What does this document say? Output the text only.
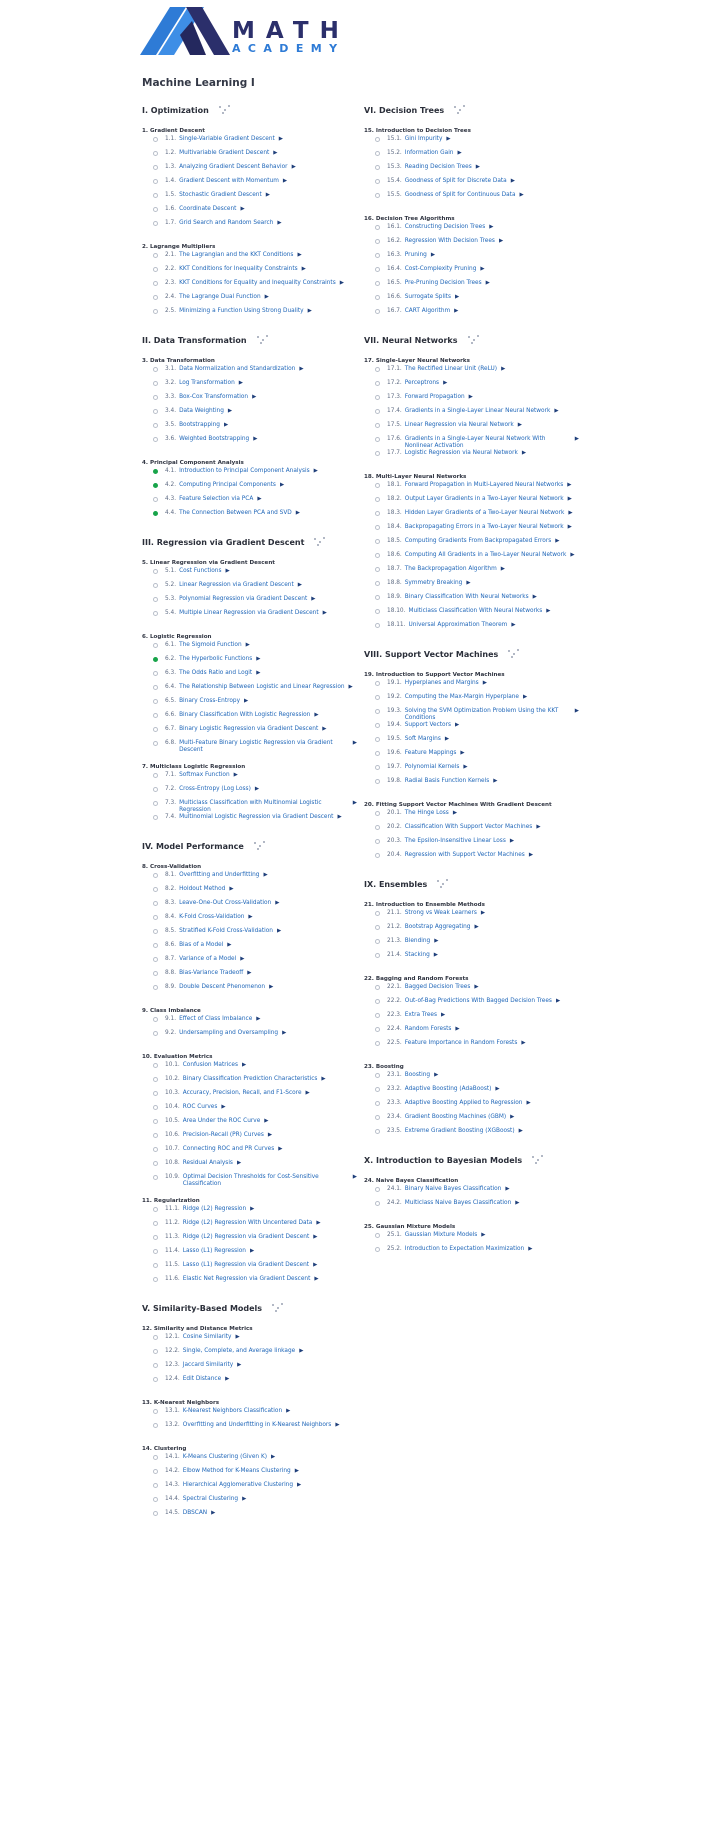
MATH
ACADEMY
Machine Learning I
I. Optimization
1. Gradient Descent
1.1. Single-Variable Gradient Descent ▶
1.2. Multivariable Gradient Descent ▶
1.3. Analyzing Gradient Descent Behavior ▶
1.4. Gradient Descent with Momentum ▶
1.5. Stochastic Gradient Descent ▶
1.6. Coordinate Descent ▶
1.7. Grid Search and Random Search ▶
2. Lagrange Multipliers
2.1. The Lagrangian and the KKT Conditions ▶
2.2. KKT Conditions for Inequality Constraints ▶
2.3. KKT Conditions for Equality and Inequality Constraints ▶
2.4. The Lagrange Dual Function ▶
2.5. Minimizing a Function Using Strong Duality ▶
II. Data Transformation
3. Data Transformation
3.1. Data Normalization and Standardization ▶
3.2. Log Transformation ▶
3.3. Box-Cox Transformation ▶
3.4. Data Weighting ▶
3.5. Bootstrapping ▶
3.6. Weighted Bootstrapping ▶
4. Principal Component Analysis
4.1. Introduction to Principal Component Analysis ▶
4.2. Computing Principal Components ▶
4.3. Feature Selection via PCA ▶
4.4. The Connection Between PCA and SVD ▶
III. Regression via Gradient Descent
5. Linear Regression via Gradient Descent
5.1. Cost Functions ▶
5.2. Linear Regression via Gradient Descent ▶
5.3. Polynomial Regression via Gradient Descent ▶
5.4. Multiple Linear Regression via Gradient Descent ▶
6. Logistic Regression
6.1. The Sigmoid Function ▶
6.2. The Hyperbolic Functions ▶
6.3. The Odds Ratio and Logit ▶
6.4. The Relationship Between Logistic and Linear Regression ▶
6.5. Binary Cross-Entropy ▶
6.6. Binary Classification With Logistic Regression ▶
6.7. Binary Logistic Regression via Gradient Descent ▶
6.8. Multi-Feature Binary Logistic Regression via Gradient Descent
▶
7. Multiclass Logistic Regression
7.1. Softmax Function ▶
7.2. Cross-Entropy (Log Loss) ▶
7.3. Multiclass Classification with Multinomial Logistic Regression
▶
7.4. Multinomial Logistic Regression via Gradient Descent ▶
IV. Model Performance
8. Cross-Validation
8.1. Overfitting and Underfitting ▶
8.2. Holdout Method ▶
8.3. Leave-One-Out Cross-Validation ▶
8.4. K-Fold Cross-Validation ▶
8.5. Stratified K-Fold Cross-Validation ▶
8.6. Bias of a Model ▶
8.7. Variance of a Model ▶
8.8. Bias-Variance Tradeoff ▶
8.9. Double Descent Phenomenon ▶
9. Class Imbalance
9.1. Effect of Class Imbalance ▶
9.2. Undersampling and Oversampling ▶
10. Evaluation Metrics
10.1. Confusion Matrices ▶
10.2. Binary Classification Prediction Characteristics ▶
10.3. Accuracy, Precision, Recall, and F1-Score ▶
10.4. ROC Curves ▶
10.5. Area Under the ROC Curve ▶
10.6. Precision-Recall (PR) Curves ▶
10.7. Connecting ROC and PR Curves ▶
10.8. Residual Analysis ▶
10.9. Optimal Decision Thresholds for Cost-Sensitive Classification
▶
11. Regularization
11.1. Ridge (L2) Regression ▶
11.2. Ridge (L2) Regression With Uncentered Data ▶
11.3. Ridge (L2) Regression via Gradient Descent ▶
11.4. Lasso (L1) Regression ▶
11.5. Lasso (L1) Regression via Gradient Descent ▶
11.6. Elastic Net Regression via Gradient Descent ▶
V. Similarity-Based Models
12. Similarity and Distance Metrics
12.1. Cosine Similarity ▶
12.2. Single, Complete, and Average linkage ▶
12.3. Jaccard Similarity ▶
12.4. Edit Distance ▶
13. K-Nearest Neighbors
13.1. K-Nearest Neighbors Classification ▶
13.2. Overfitting and Underfitting in K-Nearest Neighbors ▶
14. Clustering
14.1. K-Means Clustering (Given K) ▶
14.2. Elbow Method for K-Means Clustering ▶
14.3. Hierarchical Agglomerative Clustering ▶
14.4. Spectral Clustering ▶
14.5. DBSCAN ▶
VI. Decision Trees
15. Introduction to Decision Trees
15.1. Gini Impurity ▶
15.2. Information Gain ▶
15.3. Reading Decision Trees ▶
15.4. Goodness of Split for Discrete Data ▶
15.5. Goodness of Split for Continuous Data ▶
16. Decision Tree Algorithms
16.1. Constructing Decision Trees ▶
16.2. Regression With Decision Trees ▶
16.3. Pruning ▶
16.4. Cost-Complexity Pruning ▶
16.5. Pre-Pruning Decision Trees ▶
16.6. Surrogate Splits ▶
16.7. CART Algorithm ▶
VII. Neural Networks
17. Single-Layer Neural Networks
17.1. The Rectified Linear Unit (ReLU) ▶
17.2. Perceptrons ▶
17.3. Forward Propagation ▶
17.4. Gradients in a Single-Layer Linear Neural Network ▶
17.5. Linear Regression via Neural Network ▶
17.6. Gradients in a Single-Layer Neural Network With Nonlinear Activation
▶
17.7. Logistic Regression via Neural Network ▶
18. Multi-Layer Neural Networks
18.1. Forward Propagation in Multi-Layered Neural Networks ▶
18.2. Output Layer Gradients in a Two-Layer Neural Network ▶
18.3. Hidden Layer Gradients of a Two-Layer Neural Network ▶
18.4. Backpropagating Errors in a Two-Layer Neural Network ▶
18.5. Computing Gradients From Backpropagated Errors ▶
18.6. Computing All Gradients in a Two-Layer Neural Network ▶
18.7. The Backpropagation Algorithm ▶
18.8. Symmetry Breaking ▶
18.9. Binary Classification With Neural Networks ▶
18.10. Multiclass Classification With Neural Networks ▶
18.11. Universal Approximation Theorem ▶
VIII. Support Vector Machines
19. Introduction to Support Vector Machines
19.1. Hyperplanes and Margins ▶
19.2. Computing the Max-Margin Hyperplane ▶
19.3. Solving the SVM Optimization Problem Using the KKT Conditions
▶
19.4. Support Vectors ▶
19.5. Soft Margins ▶
19.6. Feature Mappings ▶
19.7. Polynomial Kernels ▶
19.8. Radial Basis Function Kernels ▶
20. Fitting Support Vector Machines With Gradient Descent
20.1. The Hinge Loss ▶
20.2. Classification With Support Vector Machines ▶
20.3. The Epsilon-Insensitive Linear Loss ▶
20.4. Regression with Support Vector Machines ▶
IX. Ensembles
21. Introduction to Ensemble Methods
21.1. Strong vs Weak Learners ▶
21.2. Bootstrap Aggregating ▶
21.3. Blending ▶
21.4. Stacking ▶
22. Bagging and Random Forests
22.1. Bagged Decision Trees ▶
22.2. Out-of-Bag Predictions With Bagged Decision Trees ▶
22.3. Extra Trees ▶
22.4. Random Forests ▶
22.5. Feature Importance in Random Forests ▶
23. Boosting
23.1. Boosting ▶
23.2. Adaptive Boosting (AdaBoost) ▶
23.3. Adaptive Boosting Applied to Regression ▶
23.4. Gradient Boosting Machines (GBM) ▶
23.5. Extreme Gradient Boosting (XGBoost) ▶
X. Introduction to Bayesian Models
24. Naive Bayes Classification
24.1. Binary Naive Bayes Classification ▶
24.2. Multiclass Naive Bayes Classification ▶
25. Gaussian Mixture Models
25.1. Gaussian Mixture Models ▶
25.2. Introduction to Expectation Maximization ▶
